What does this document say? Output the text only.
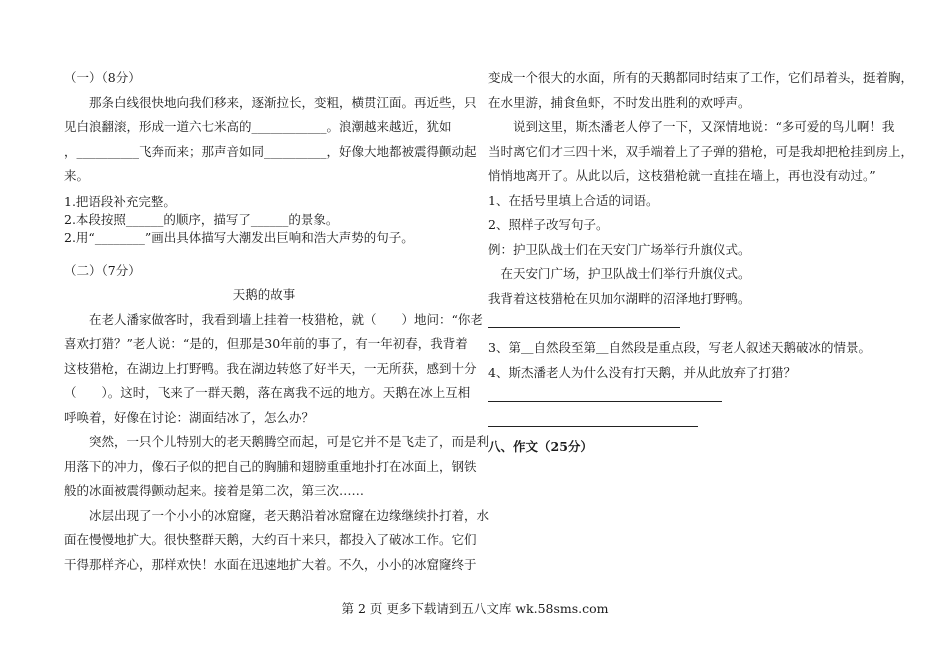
（一）（8分）
那条白线很快地向我们移来，逐渐拉长，变粗，横贯江面。再近些，只
见白浪翻滚，形成一道六七米高的____________。浪潮越来越近，犹如
，__________飞奔而来；那声音如同__________，好像大地都被震得颤动起
来。
1.把语段补充完整。
2.本段按照______的顺序，描写了______的景象。
2.用“________”画出具体描写大潮发出巨响和浩大声势的句子。
（二）（7分）
天鹅的故事
在老人潘家做客时，我看到墙上挂着一枝猎枪，就（　　）地问：“你老
喜欢打猎？”老人说：“是的，但那是30年前的事了，有一年初春，我背着
这枝猎枪，在湖边上打野鸭。我在湖边转悠了好半天，一无所获，感到十分
（　　）。这时，飞来了一群天鹅，落在离我不远的地方。天鹅在冰上互相
呼唤着，好像在讨论：湖面结冰了，怎么办？
突然，一只个儿特别大的老天鹅腾空而起，可是它并不是飞走了，而是利
用落下的冲力，像石子似的把自己的胸脯和翅膀重重地扑打在冰面上，钢铁
般的冰面被震得颤动起来。接着是第二次，第三次……
冰层出现了一个小小的冰窟窿，老天鹅沿着冰窟窿在边缘继续扑打着，水
面在慢慢地扩大。很快整群天鹅，大约百十来只，都投入了破冰工作。它们
干得那样齐心，那样欢快！水面在迅速地扩大着。不久，小小的冰窟窿终于
变成一个很大的水面，所有的天鹅都同时结束了工作，它们昂着头，挺着胸，
在水里游，捕食鱼虾，不时发出胜利的欢呼声。
说到这里，斯杰潘老人停了一下，又深情地说：“多可爱的鸟儿啊！我
当时离它们才三四十米，双手端着上了子弹的猎枪，可是我却把枪挂到房上，
悄悄地离开了。从此以后，这枝猎枪就一直挂在墙上，再也没有动过。”
1、在括号里填上合适的词语。
2、照样子改写句子。
例：护卫队战士们在天安门广场举行升旗仪式。
在天安门广场，护卫队战士们举行升旗仪式。
我背着这枝猎枪在贝加尔湖畔的沼泽地打野鸭。
3、第＿自然段至第＿自然段是重点段，写老人叙述天鹅破冰的情景。
4、斯杰潘老人为什么没有打天鹅，并从此放弃了打猎？
八、作文（25分）
第 2 页 更多下载请到五八文库 wk.58sms.com
